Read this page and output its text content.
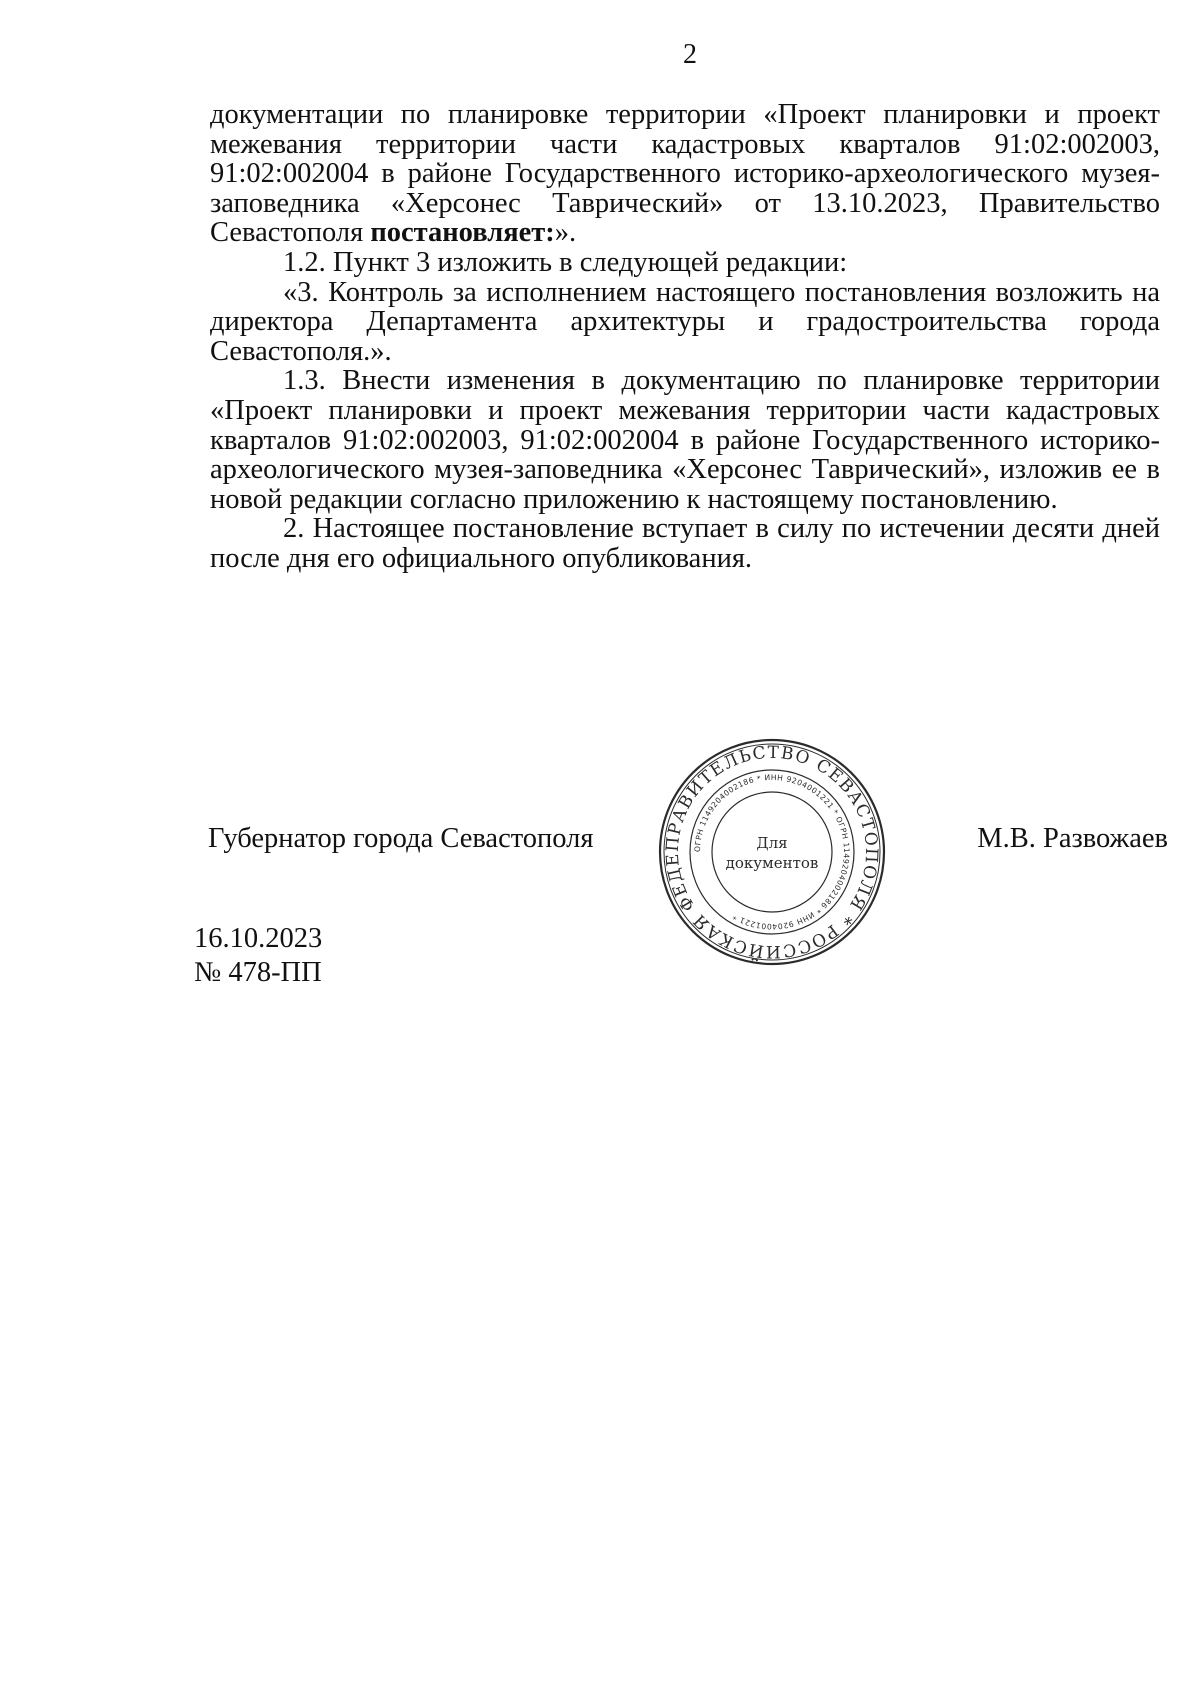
2

документации по планировке территории «Проект планировки и проект межевания территории части кадастровых кварталов 91:02:002003, 91:02:002004 в районе Государственного историко-археологического музея-заповедника «Херсонес Таврический» от 13.10.2023, Правительство Севастополя постановляет:».

1.2. Пункт 3 изложить в следующей редакции:

«3. Контроль за исполнением настоящего постановления возложить на директора Департамента архитектуры и градостроительства города Севастополя.».

1.3. Внести изменения в документацию по планировке территории «Проект планировки и проект межевания территории части кадастровых кварталов 91:02:002003, 91:02:002004 в районе Государственного историко-археологического музея-заповедника «Херсонес Таврический», изложив ее в новой редакции согласно приложению к настоящему постановлению.

2. Настоящее постановление вступает в силу по истечении десяти дней после дня его официального опубликования.

Губернатор города Севастополя	М.В. Развожаев
ПРАВИТЕЛЬСТВО СЕВАСТОПОЛЯ * РОССИЙСКАЯ ФЕДЕ
ОГРН 1149204002186 * ИНН 9204001221 * ОГРН 1149204002186 * ИНН 9204001221 *
Для
документов
16.10.2023
№ 478-ПП
